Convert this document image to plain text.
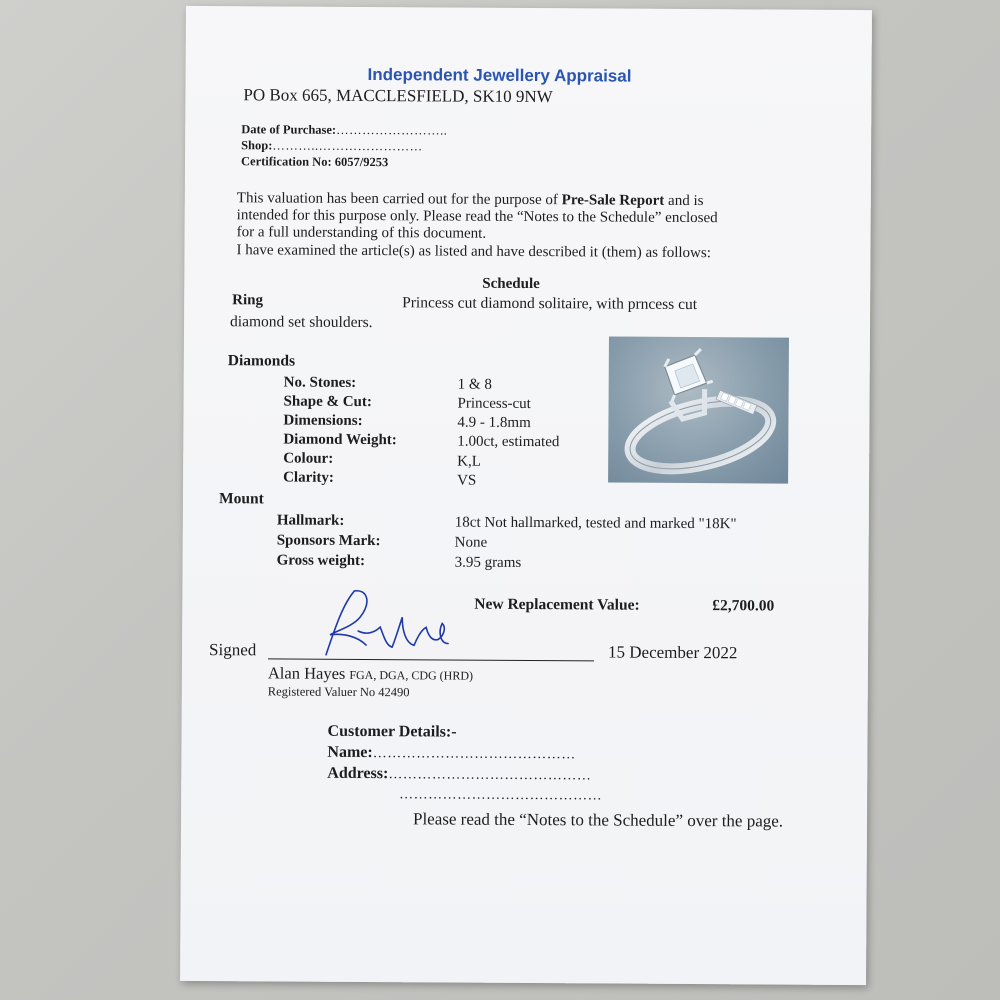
Independent Jewellery Appraisal
PO Box 665, MACCLESFIELD, SK10 9NW
Date of Purchase:……………………..
Shop:………..……………………
Certification No: 6057/9253
This valuation has been carried out for the purpose of Pre-Sale Report and is
intended for this purpose only. Please read the “Notes to the Schedule” enclosed
for a full understanding of this document.
I have examined the article(s) as listed and have described it (them) as follows:
Schedule
Ring	Princess cut diamond solitaire, with prncess cut
diamond set shoulders.
Diamonds
No. Stones:	1 & 8
Shape & Cut:	Princess-cut
Dimensions:	4.9 - 1.8mm
Diamond Weight:	1.00ct, estimated
Colour:	K,L
Clarity:	VS
Mount
Hallmark:	18ct Not hallmarked, tested and marked "18K"
Sponsors Mark:	None
Gross weight:	3.95 grams
New Replacement Value:	£2,700.00
Signed	15 December 2022
Alan Hayes FGA, DGA, CDG (HRD)
Registered Valuer No 42490
Customer Details:-
Name:……………………………………
Address:……………………………………
……………………………………
Please read the “Notes to the Schedule” over the page.
